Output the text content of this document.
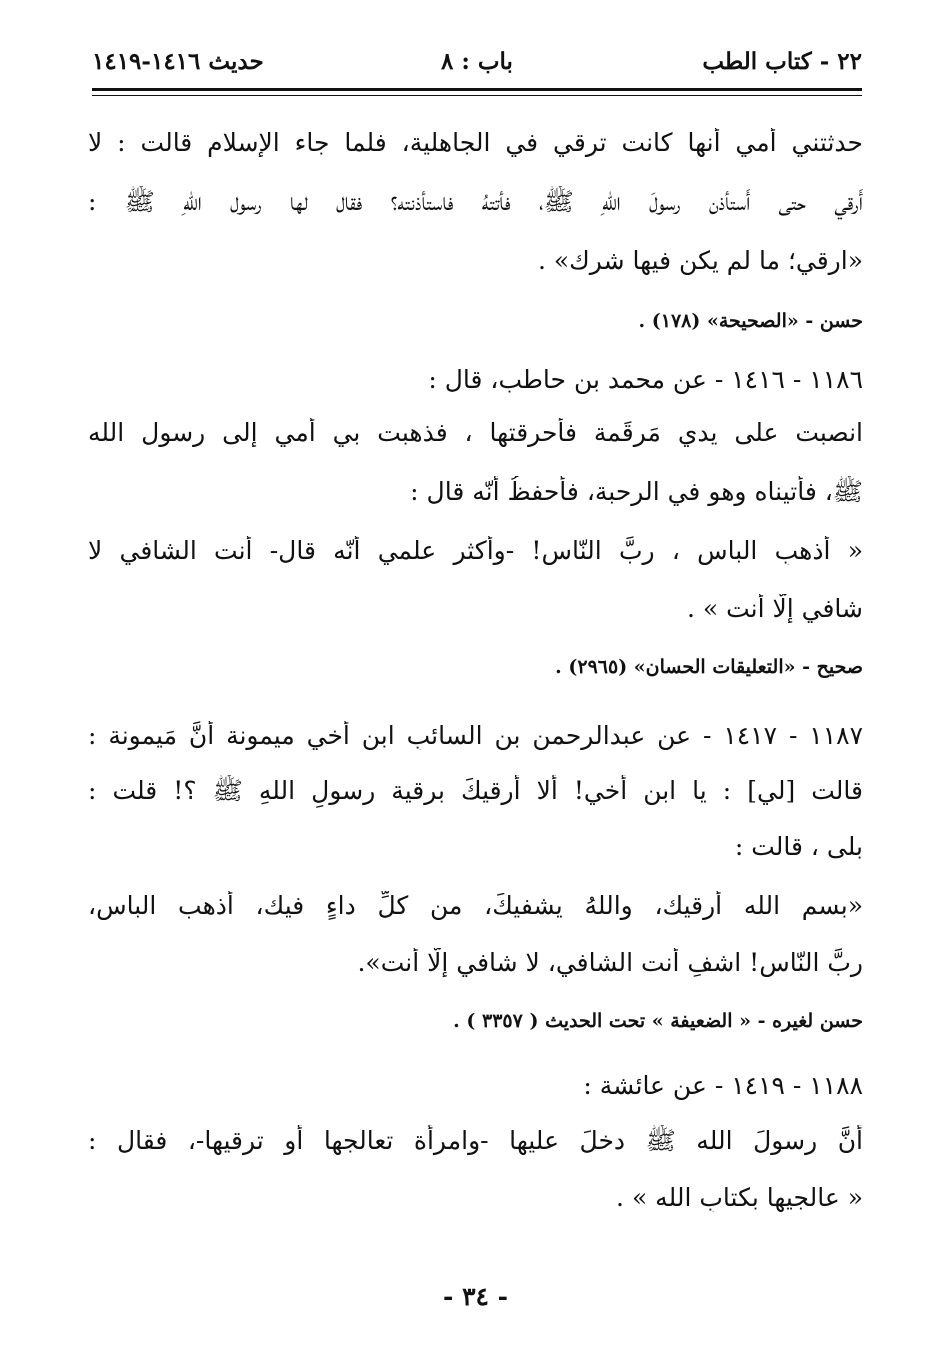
٢٢ - كتاب الطب
باب : ٨
حديث ١٤١٦-١٤١٩
حدثتني أُمي أنها كانت ترقي في الجاهلية، فلما جاء الإسلام قالت : لا
أَرقي حتى أَستأذن رسولَ اللهِ ﷺ، فأتتهُ فاستأذنته؟ فقال لها رسول اللهِ ﷺ :
«ارقي؛ ما لم يكن فيها شرك» .
حسن - «الصحيحة» (١٧٨) .
١١٨٦ - ١٤١٦ - عن محمد بن حاطب، قال :
انصبت على يدي مَرقَمة فأحرقتها ، فذهبت بي أُمي إلى رسولِ الله
ﷺ، فأتيناه وهو في الرحبة، فأحفظُ أنّه قال :
« أذهبِ الباس ، ربَّ النّاسِ! -وأكثر علمي أنّه قال- أنت الشافي لا
شافي إلّا أنت » .
صحيح - «التعليقات الحسان» (٢٩٦٥) .
١١٨٧ - ١٤١٧ - عن عبدالرحمن بن السائبِ ابن أَخي ميمونة أنَّ مَيمونة :
قالت [لي] : يا ابن أَخي! أَلا أَرقيكَ برقية رسولِ اللهِ ﷺ ؟! قلت :
بلى ، قالت :
«بسم الله أَرقيك، واللهُ يشفيكَ، من كلِّ داءٍ فيك، أَذهب الباس،
ربَّ النّاسِ! اشفِ أَنت الشافي، لا شافي إلّا أَنت».
حسن لغيره - « الضعيفة » تحت الحديث ( ٣٣٥٧ ) .
١١٨٨ - ١٤١٩ - عن عائشة :
أنَّ رسولَ الله ﷺ دخلَ عليها -وامرأة تعالجها أَو ترقيها-، فقال :
« عالجيها بكتابِ الله » .
- ٣٤ -
